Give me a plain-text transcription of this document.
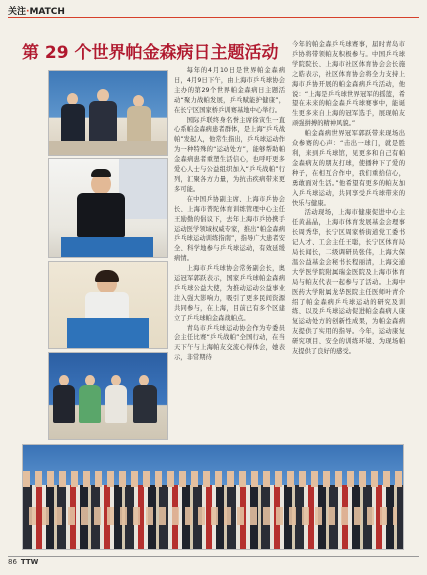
关注·MATCH
第 29 个世界帕金森病日主题活动

每年的4月10日是世界帕金森病日，4月9日下午，由上海市乒乓球协会主办的第29个世界帕金森病日主题活动“聚力战帕发展，乒乓赋能护健康”，在长宁区国家桥乒训赛基地中心举行。

国际乒联终身名誉主席徐寅生一直心系帕金森病患者群体，是上海“乒乓战帕”发起人，他常生指出，乒乓球运动作为一种特殊的“运动处方”，能够帮助帕金森病患者重塑生活信心，也呼吁更多爱心人士与公益组织加入“乒乓战帕”行列，汇聚各方力量，为抗击疾病带来更多可能。

在中国乒协副主席、上海市乒协会长、上海市普陀体育训练管理中心主任王励勤的倡议下，去年上海市乒协携手运动医学领域权威专家，推出“帕金森病乒乓球运动训练指南”，指导广大患者安全、科学地参与乒乓球运动，有效延缓病情。

上海市乒乓球协会常务副会长，奥运冠军郭跃表示，国家乒乓球帕金森病乒乓球公益大使，为推动运动公益事业注入强大影响力，吸引了更多民间资源共同参与，在上海，目前已有多个区建立了乒乓球帕金森战帕点。

青岛市乒乓球运动协会作为专委员会主任比赛“乒乓战帕”全国行动，在当天下午与上海帕友交流心得体会，她表示，非常期待

今年的帕金森乒乓球赛事，届时青岛市乒协将带领帕友积极参与。中国乒乓球学院院长、上海市社区体育协会会长施之皓表示，社区体育协会将全力支持上海市乒协开展的帕金森病乒乓活动，他说：“上海是乒乓球世界冠军的摇篮，希望在未来的帕金森乒乓球赛事中，能诞生更多来自上海的冠军选手，展现帕友顽强拼搏的精神风貌。”

帕金森病世界冠军郭跃带来现场出众参赛的心声：“击出一球门，就是胜利，来到乒乓球馆，见更多和自己有帕金森病友的朋友打球，使播种下了爱的种子，在相互合作中，我们重拾信心，勇敢面对生活。”他希望有更多的帕友加入乒乓球运动，共同享受乒乓球带来的快乐与健康。

活动现场，上海市健康促进中心主任黄晶晶，上海市体育发展基金会理事长周秀华，长宁区周家桥街道党工委书记人才、工会主任王聪，长宁区体育局局长闻长，二级调研员张伟，上海大保温公益基金会秘书长程丽清，上海交通大学医学院附属瑞金医院及上海市体育局与帕友代表一起参与了活动。上海中医药大学附属龙华医院主任医师叶青介绍了帕金森病乒乓球运动的研究及训练、以及乒乓球运动促进帕金森病人康复运动处方的创新性成果，为帕金森病友提供了实用的指导。今年，运动康复研究项目、安全的训练环境、为现场帕友提供了良好的感受。

86 TTW
